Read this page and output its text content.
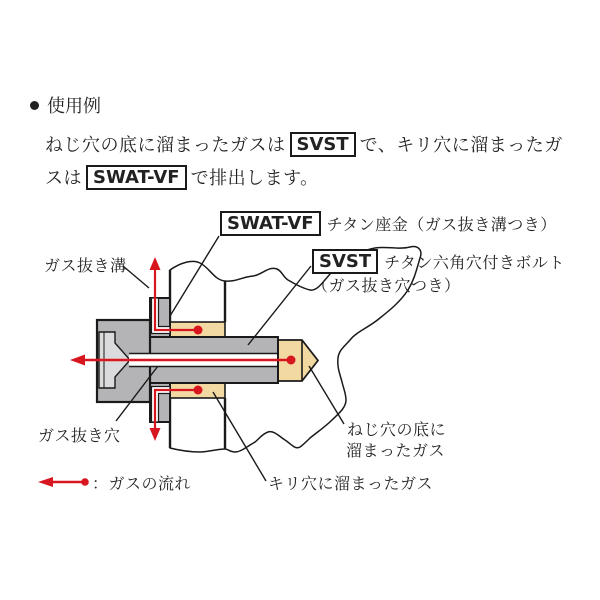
使用例
ねじ穴の底に溜まったガスは SVST で、キリ穴に溜まったガ
スは SWAT-VF で排出します。
SWAT-VF チタン座金（ガス抜き溝つき）
SVST チタン六角穴付きボルト
（ガス抜き穴つき）
ガス抜き溝
ガス抜き穴	ねじ穴の底に
溜まったガス
キリ穴に溜まったガス
：ガスの流れ
